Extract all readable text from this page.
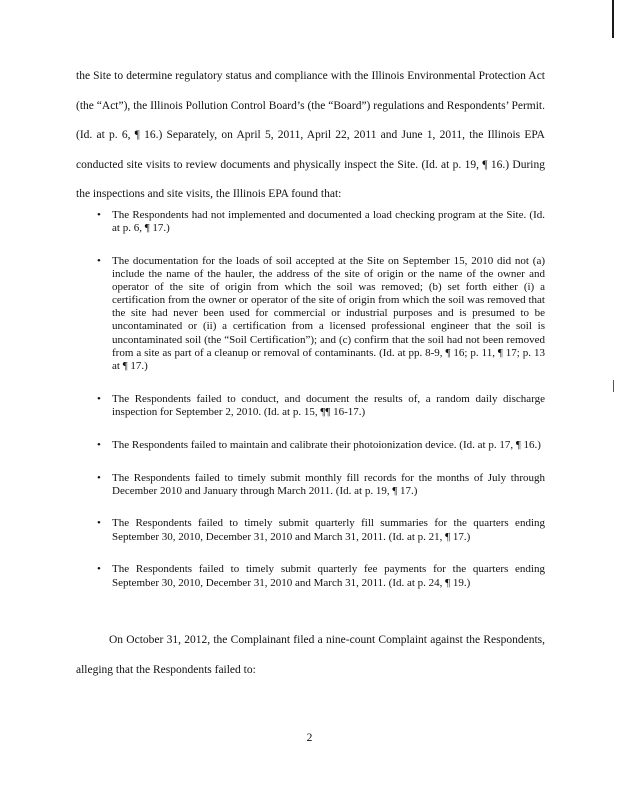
the Site to determine regulatory status and compliance with the Illinois Environmental Protection Act (the “Act”), the Illinois Pollution Control Board’s (the “Board”) regulations and Respondents’ Permit. (Id. at p. 6, ¶ 16.) Separately, on April 5, 2011, April 22, 2011 and June 1, 2011, the Illinois EPA conducted site visits to review documents and physically inspect the Site. (Id. at p. 19, ¶ 16.) During the inspections and site visits, the Illinois EPA found that:

• The Respondents had not implemented and documented a load checking program at the Site. (Id. at p. 6, ¶ 17.)
• The documentation for the loads of soil accepted at the Site on September 15, 2010 did not (a) include the name of the hauler, the address of the site of origin or the name of the owner and operator of the site of origin from which the soil was removed; (b) set forth either (i) a certification from the owner or operator of the site of origin from which the soil was removed that the site had never been used for commercial or industrial purposes and is presumed to be uncontaminated or (ii) a certification from a licensed professional engineer that the soil is uncontaminated soil (the “Soil Certification”); and (c) confirm that the soil had not been removed from a site as part of a cleanup or removal of contaminants. (Id. at pp. 8-9, ¶ 16; p. 11, ¶ 17; p. 13 at ¶ 17.)
• The Respondents failed to conduct, and document the results of, a random daily discharge inspection for September 2, 2010. (Id. at p. 15, ¶¶ 16-17.)
• The Respondents failed to maintain and calibrate their photoionization device. (Id. at p. 17, ¶ 16.)
• The Respondents failed to timely submit monthly fill records for the months of July through December 2010 and January through March 2011. (Id. at p. 19, ¶ 17.)
• The Respondents failed to timely submit quarterly fill summaries for the quarters ending September 30, 2010, December 31, 2010 and March 31, 2011. (Id. at p. 21, ¶ 17.)
• The Respondents failed to timely submit quarterly fee payments for the quarters ending September 30, 2010, December 31, 2010 and March 31, 2011. (Id. at p. 24, ¶ 19.)

On October 31, 2012, the Complainant filed a nine-count Complaint against the Respondents, alleging that the Respondents failed to:

2
